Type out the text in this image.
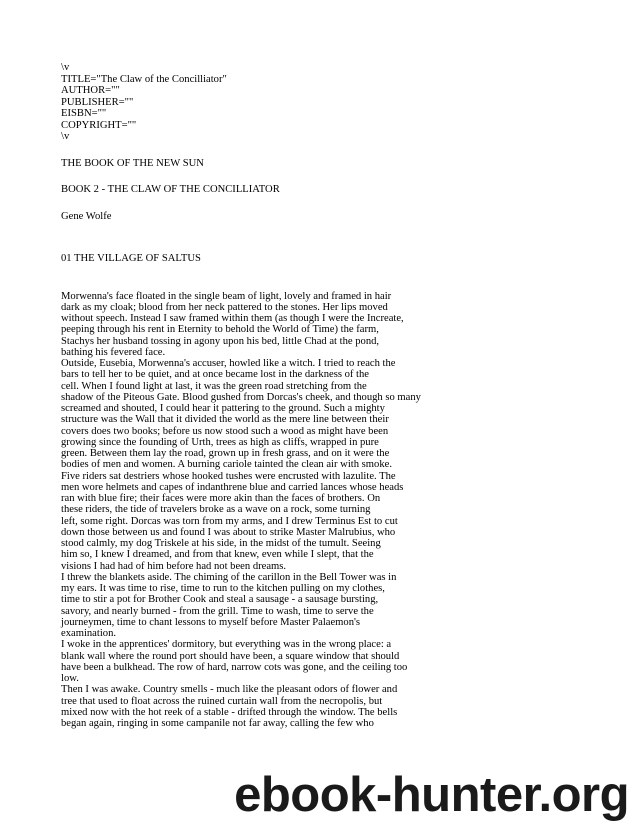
\v
TITLE="The Claw of the Concilliator"
AUTHOR=""
PUBLISHER=""
EISBN=""
COPYRIGHT=""
\v
THE BOOK OF THE NEW SUN
BOOK 2 - THE CLAW OF THE CONCILLIATOR
Gene Wolfe
01 THE VILLAGE OF SALTUS
Morwenna's face floated in the single beam of light, lovely and framed in hair
dark as my cloak; blood from her neck pattered to the stones. Her lips moved
without speech. Instead I saw framed within them (as though I were the Increate,
peeping through his rent in Eternity to behold the World of Time) the farm,
Stachys her husband tossing in agony upon his bed, little Chad at the pond,
bathing his fevered face.
Outside, Eusebia, Morwenna's accuser, howled like a witch. I tried to reach the
bars to tell her to be quiet, and at once became lost in the darkness of the
cell. When I found light at last, it was the green road stretching from the
shadow of the Piteous Gate. Blood gushed from Dorcas's cheek, and though so many
screamed and shouted, I could hear it pattering to the ground. Such a mighty
structure was the Wall that it divided the world as the mere line between their
covers does two books; before us now stood such a wood as might have been
growing since the founding of Urth, trees as high as cliffs, wrapped in pure
green. Between them lay the road, grown up in fresh grass, and on it were the
bodies of men and women. A burning cariole tainted the clean air with smoke.
Five riders sat destriers whose hooked tushes were encrusted with lazulite. The
men wore helmets and capes of indanthrene blue and carried lances whose heads
ran with blue fire; their faces were more akin than the faces of brothers. On
these riders, the tide of travelers broke as a wave on a rock, some turning
left, some right. Dorcas was torn from my arms, and I drew Terminus Est to cut
down those between us and found I was about to strike Master Malrubius, who
stood calmly, my dog Triskele at his side, in the midst of the tumult. Seeing
him so, I knew I dreamed, and from that knew, even while I slept, that the
visions I had had of him before had not been dreams.
I threw the blankets aside. The chiming of the carillon in the Bell Tower was in
my ears. It was time to rise, time to run to the kitchen pulling on my clothes,
time to stir a pot for Brother Cook and steal a sausage - a sausage bursting,
savory, and nearly burned - from the grill. Time to wash, time to serve the
journeymen, time to chant lessons to myself before Master Palaemon's
examination.
I woke in the apprentices' dormitory, but everything was in the wrong place: a
blank wall where the round port should have been, a square window that should
have been a bulkhead. The row of hard, narrow cots was gone, and the ceiling too
low.
Then I was awake. Country smells - much like the pleasant odors of flower and
tree that used to float across the ruined curtain wall from the necropolis, but
mixed now with the hot reek of a stable - drifted through the window. The bells
began again, ringing in some campanile not far away, calling the few who
ebook-hunter.org
